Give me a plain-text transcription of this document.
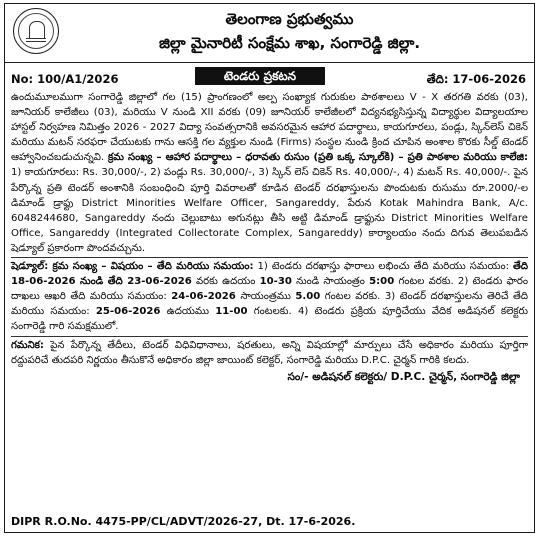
తెలంగాణ ప్రభుత్వము
జిల్లా మైనారిటీ సంక్షేమ శాఖ, సంగారెడ్డి జిల్లా.
No: 100/A1/2026	టెండరు ప్రకటన	తేది: 17-06-2026

ఉందుమూలముగా సంగారెడ్డి జిల్లాలో గల (15) ప్రాంగణంలో అల్ప సంఖ్యాక గురుకుల పాఠశాలలు V - X తరగతి వరకు (03), జూనియర్ కాలేజీలు (03), మరియు V నుండి XII వరకు (09) జూనియర్ కాలేజీలలో విద్యనభ్యసిస్తున్న విద్యార్థుల విద్యాలయాల హాస్టల్ నిర్వహణ నిమిత్తం 2026 - 2027 విద్యా సంవత్సరానికి అవసరమైన ఆహార పదార్థాలు, కాయగూరలు, పండ్లు, స్కిన్‌లెస్ చికెన్ మరియు మటన్ సరఫరా చేయుటకు గాను ఆసక్తి గల వ్యక్తుల నుండి (Firms) సంస్థల నుండి క్రింద చూపిన అంశాల కొరకు సీల్డ్ టెండర్ ఆహ్వానించబడుచున్నవి. క్రమ సంఖ్య – ఆహార పదార్థాలు – ధరావతు రుసుం (ప్రతి ఒక్క స్కూల్‌కి) – ప్రతి పాఠశాల మరియు కాలేజి: 1) కాయగూరలు: Rs. 30,000/-, 2) పండ్లు Rs. 30,000/-, 3) స్కిన్ లెస్ చికెన్ Rs. 40,000/-, 4) మటన్ Rs. 40,000/-. పైన పేర్కొన్న ప్రతి టెండర్ అంశానికి సంబంధించి పూర్తి వివరాలతో కూడిన టెండర్ దరఖాస్తులను పొందుటకు రుసుము రూ.2000/-ల డిమాండ్ డ్రాఫ్టు District Minorities Welfare Officer, Sangareddy, పేరున Kotak Mahindra Bank, A/c. 6048244680, Sangareddy నందు చెల్లుబాటు అగునట్లు తీసి అట్టి డిమాండ్ డ్రాఫ్టును District Minorities Welfare Office, Sangareddy (Integrated Collectorate Complex, Sangareddy) కార్యాలయం నందు దిగువ తెలుపబడిన షెడ్యూల్ ప్రకారంగా పొందవచ్చును.

షెడ్యూల్: క్రమ సంఖ్య – విషయం – తేది మరియు సమయం: 1) టెండరు దరఖాస్తు ఫారాలు లభించు తేది మరియు సమయం: తేది 18-06-2026 నుండి తేది 23-06-2026 వరకు ఉదయం 10-30 నుండి సాయంత్రం 5:00 గంటల వరకు. 2) టెండరు ఫారం దాఖలు ఆఖరి తేది మరియు సమయం: 24-06-2026 సాయంత్రము 5.00 గంటల వరకు. 3) టెండర్ దరఖాస్తులను తెరిచే తేది మరియు సమయం: 25-06-2026 ఉదయము 11-00 గంటలకు. 4) టెండరు ప్రక్రియ పూర్తిచేయు వేదిక అడిషనల్ కలెక్టరు సంగారెడ్డి గారి సమక్షములో.

గమనిక: పైన పేర్కొన్న తేదీలు, టెండర్ విధివిధానాలు, షరతులు, అన్ని విషయాల్లో మార్పులు చేసే అధికారం మరియు పూర్తిగా రద్దుపరిచే తుదపరి నిర్ణయం తీసుకొనే అధికారం జిల్లా జాయింట్ కలెక్టర్, సంగారెడ్డి మరియు D.P.C. చైర్మన్ గారికి కలదు.

సం/- అడిషనల్ కలెక్టరు/ D.P.C. చైర్మన్, సంగారెడ్డి జిల్లా
DIPR R.O.No. 4475-PP/CL/ADVT/2026-27, Dt. 17-6-2026.
